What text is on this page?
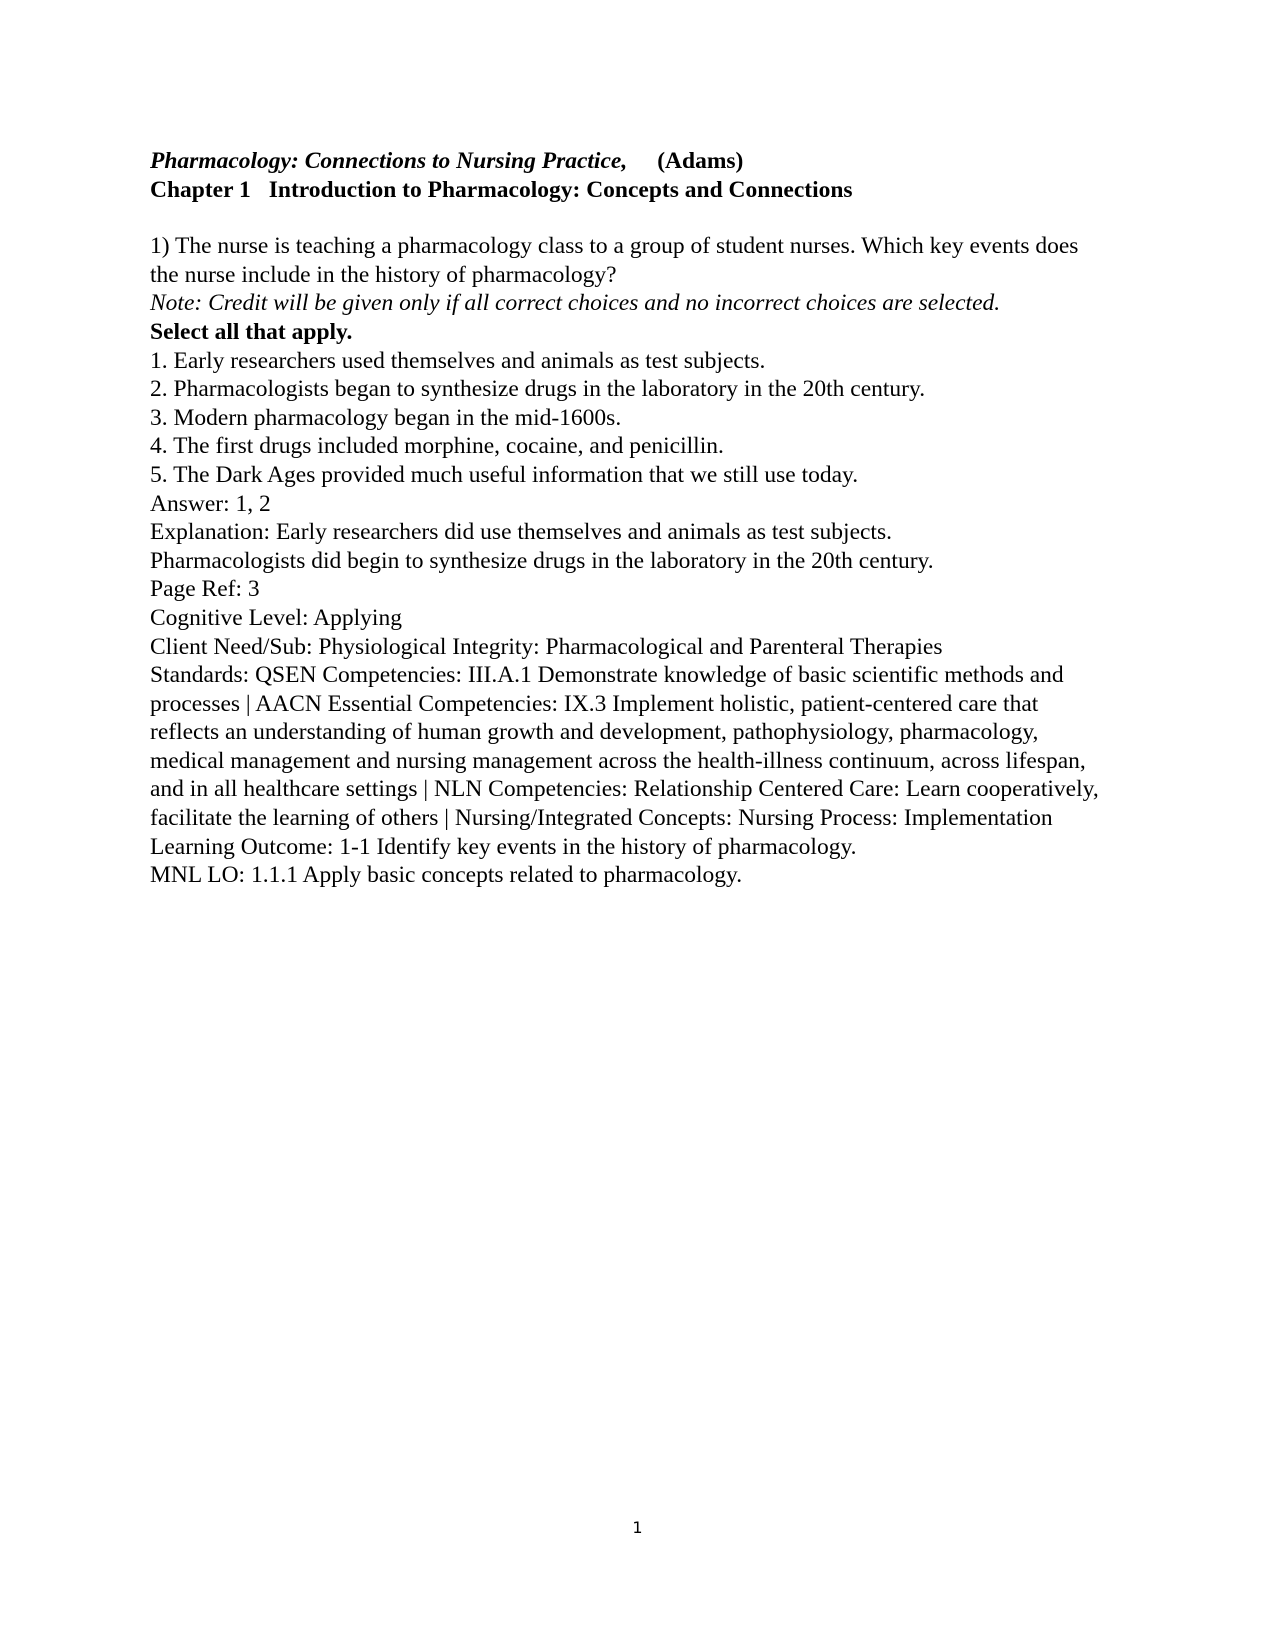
Pharmacology: Connections to Nursing Practice, (Adams)
Chapter 1 Introduction to Pharmacology: Concepts and Connections
1) The nurse is teaching a pharmacology class to a group of student nurses. Which key events does the nurse include in the history of pharmacology?
Note: Credit will be given only if all correct choices and no incorrect choices are selected.
Select all that apply.
1. Early researchers used themselves and animals as test subjects.
2. Pharmacologists began to synthesize drugs in the laboratory in the 20th century.
3. Modern pharmacology began in the mid-1600s.
4. The first drugs included morphine, cocaine, and penicillin.
5. The Dark Ages provided much useful information that we still use today.
Answer: 1, 2
Explanation: Early researchers did use themselves and animals as test subjects.
Pharmacologists did begin to synthesize drugs in the laboratory in the 20th century.
Page Ref: 3
Cognitive Level: Applying
Client Need/Sub: Physiological Integrity: Pharmacological and Parenteral Therapies
Standards: QSEN Competencies: III.A.1 Demonstrate knowledge of basic scientific methods and processes | AACN Essential Competencies: IX.3 Implement holistic, patient-centered care that reflects an understanding of human growth and development, pathophysiology, pharmacology, medical management and nursing management across the health-illness continuum, across lifespan, and in all healthcare settings | NLN Competencies: Relationship Centered Care: Learn cooperatively, facilitate the learning of others | Nursing/Integrated Concepts: Nursing Process: Implementation
Learning Outcome: 1-1 Identify key events in the history of pharmacology.
MNL LO: 1.1.1 Apply basic concepts related to pharmacology.
1
